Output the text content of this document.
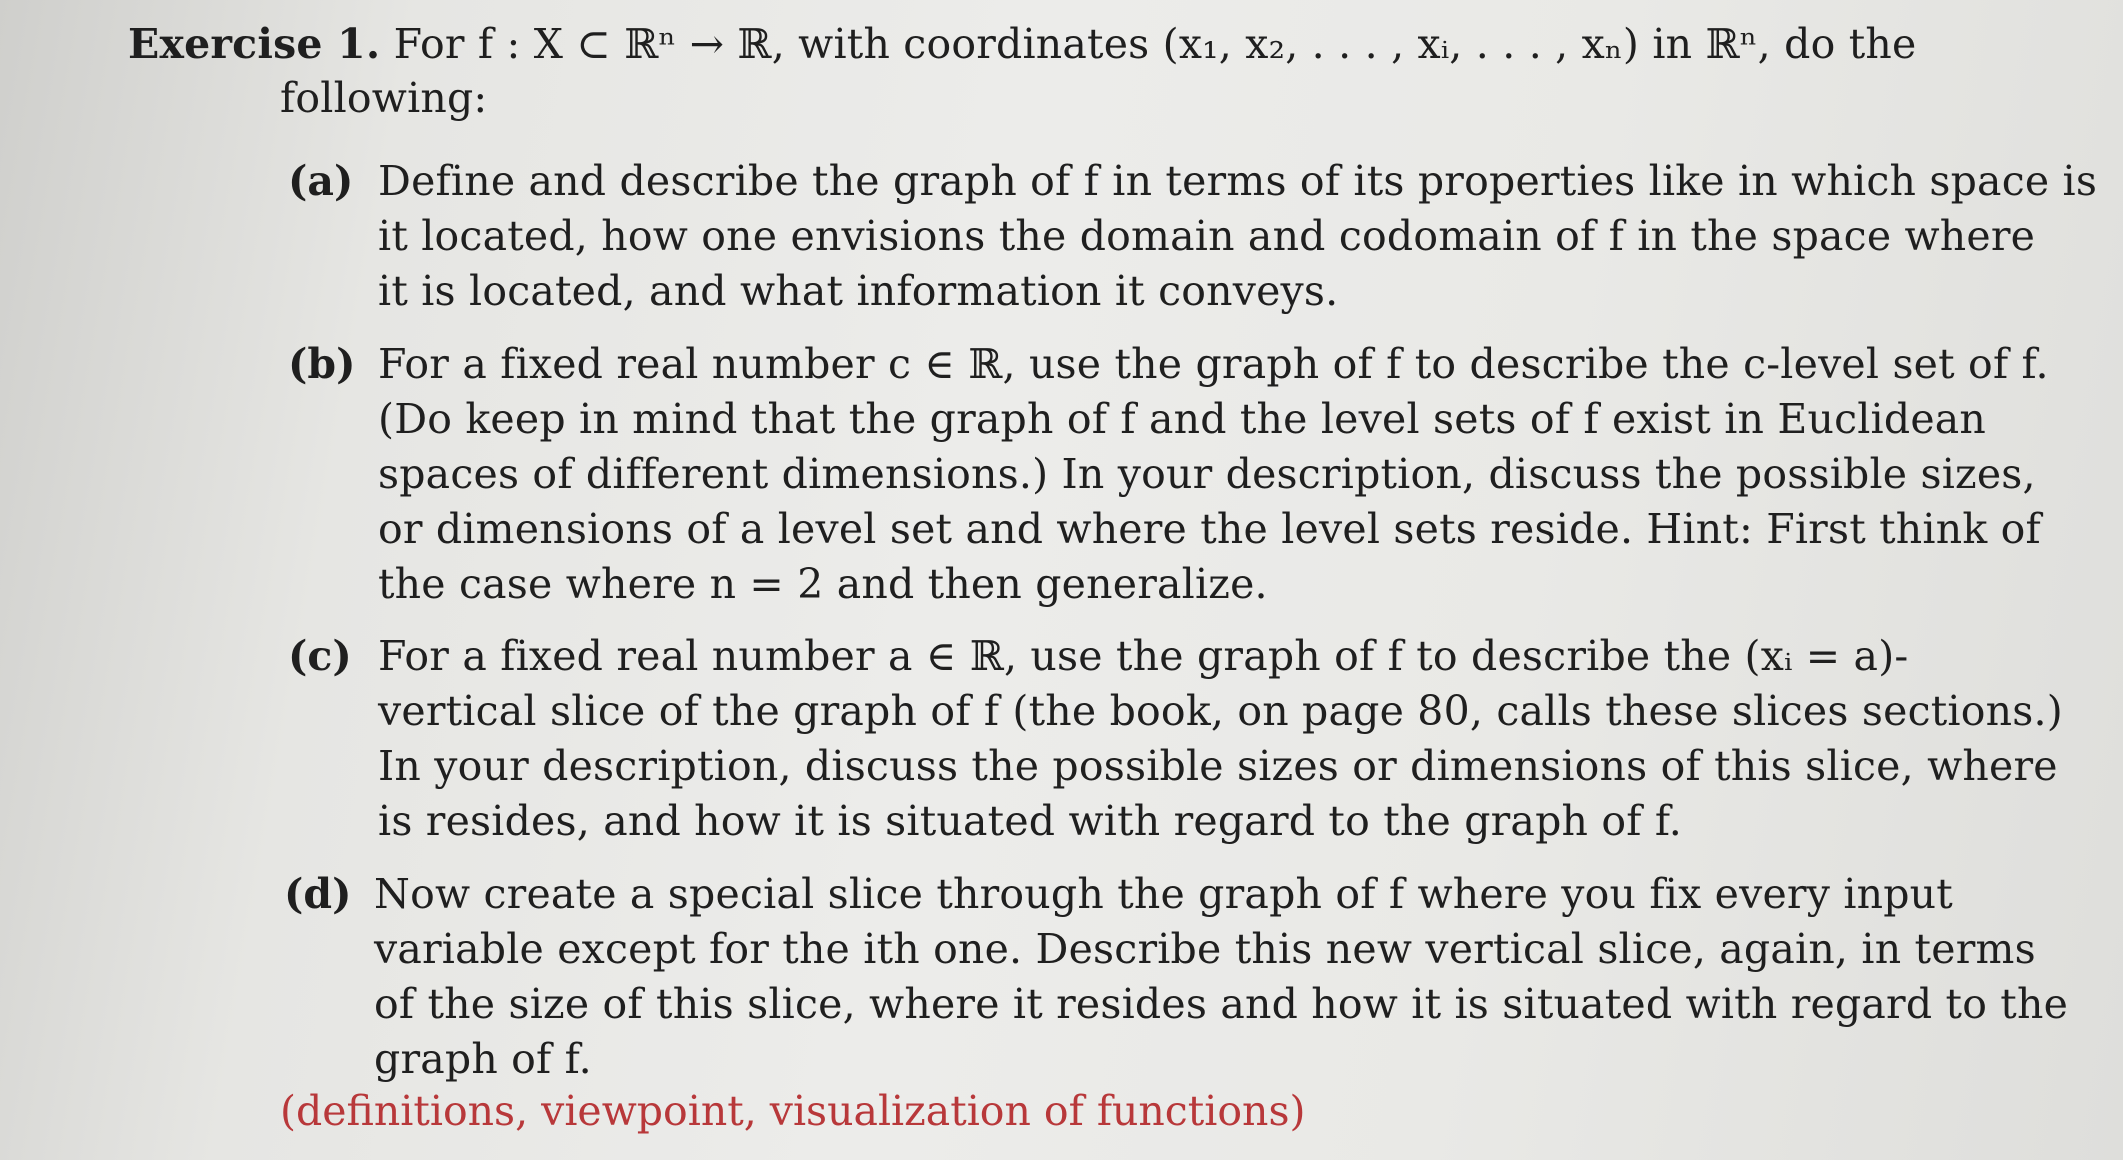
Exercise 1. For f : X ⊂ ℝⁿ → ℝ, with coordinates (x₁, x₂, . . . , xᵢ, . . . , xₙ) in ℝⁿ, do the
following:
(a) Define and describe the graph of f in terms of its properties like in which space is
it located, how one envisions the domain and codomain of f in the space where
it is located, and what information it conveys.
(b) For a fixed real number c ∈ ℝ, use the graph of f to describe the c-level set of f.
(Do keep in mind that the graph of f and the level sets of f exist in Euclidean
spaces of different dimensions.) In your description, discuss the possible sizes,
or dimensions of a level set and where the level sets reside. Hint: First think of
the case where n = 2 and then generalize.
(c) For a fixed real number a ∈ ℝ, use the graph of f to describe the (xᵢ = a)-
vertical slice of the graph of f (the book, on page 80, calls these slices sections.)
In your description, discuss the possible sizes or dimensions of this slice, where
is resides, and how it is situated with regard to the graph of f.
(d) Now create a special slice through the graph of f where you fix every input
variable except for the ith one. Describe this new vertical slice, again, in terms
of the size of this slice, where it resides and how it is situated with regard to the
graph of f.
(definitions, viewpoint, visualization of functions)
